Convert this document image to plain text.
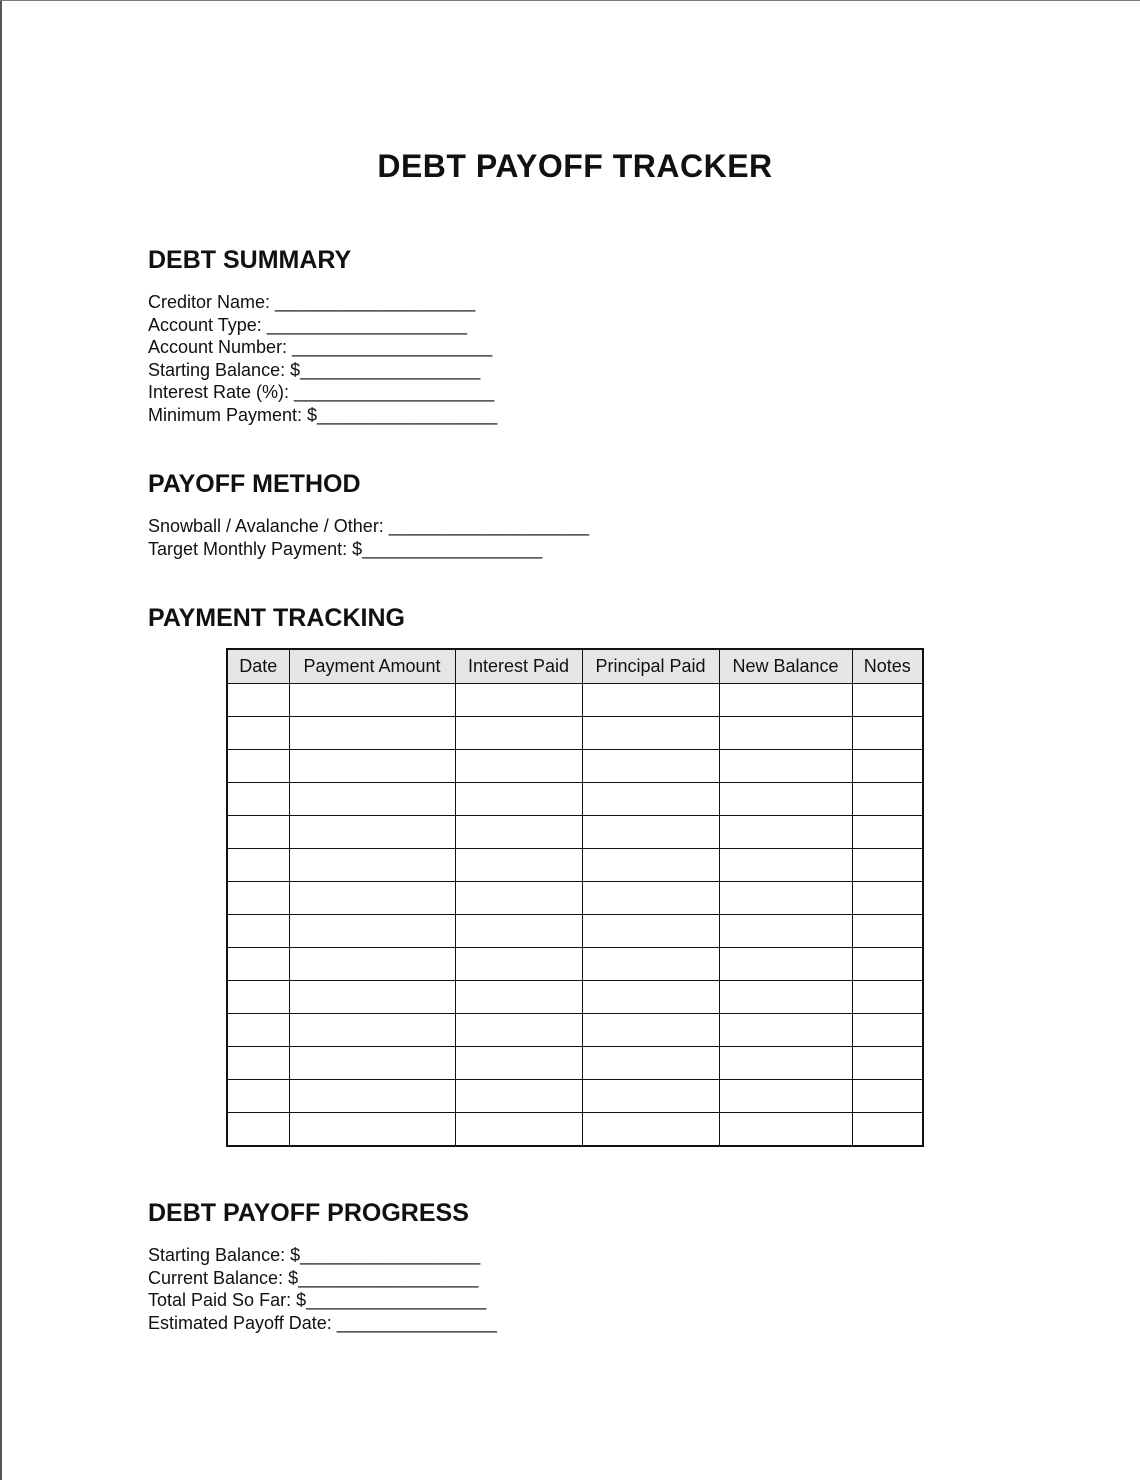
DEBT PAYOFF TRACKER
DEBT SUMMARY
Creditor Name: ____________________
Account Type: ____________________
Account Number: ____________________
Starting Balance: $__________________
Interest Rate (%): ____________________
Minimum Payment: $__________________
PAYOFF METHOD
Snowball / Avalanche / Other: ____________________
Target Monthly Payment: $__________________
PAYMENT TRACKING
Date	Payment Amount	Interest Paid	Principal Paid	New Balance	Notes

DEBT PAYOFF PROGRESS
Starting Balance: $__________________
Current Balance: $__________________
Total Paid So Far: $__________________
Estimated Payoff Date: ________________
